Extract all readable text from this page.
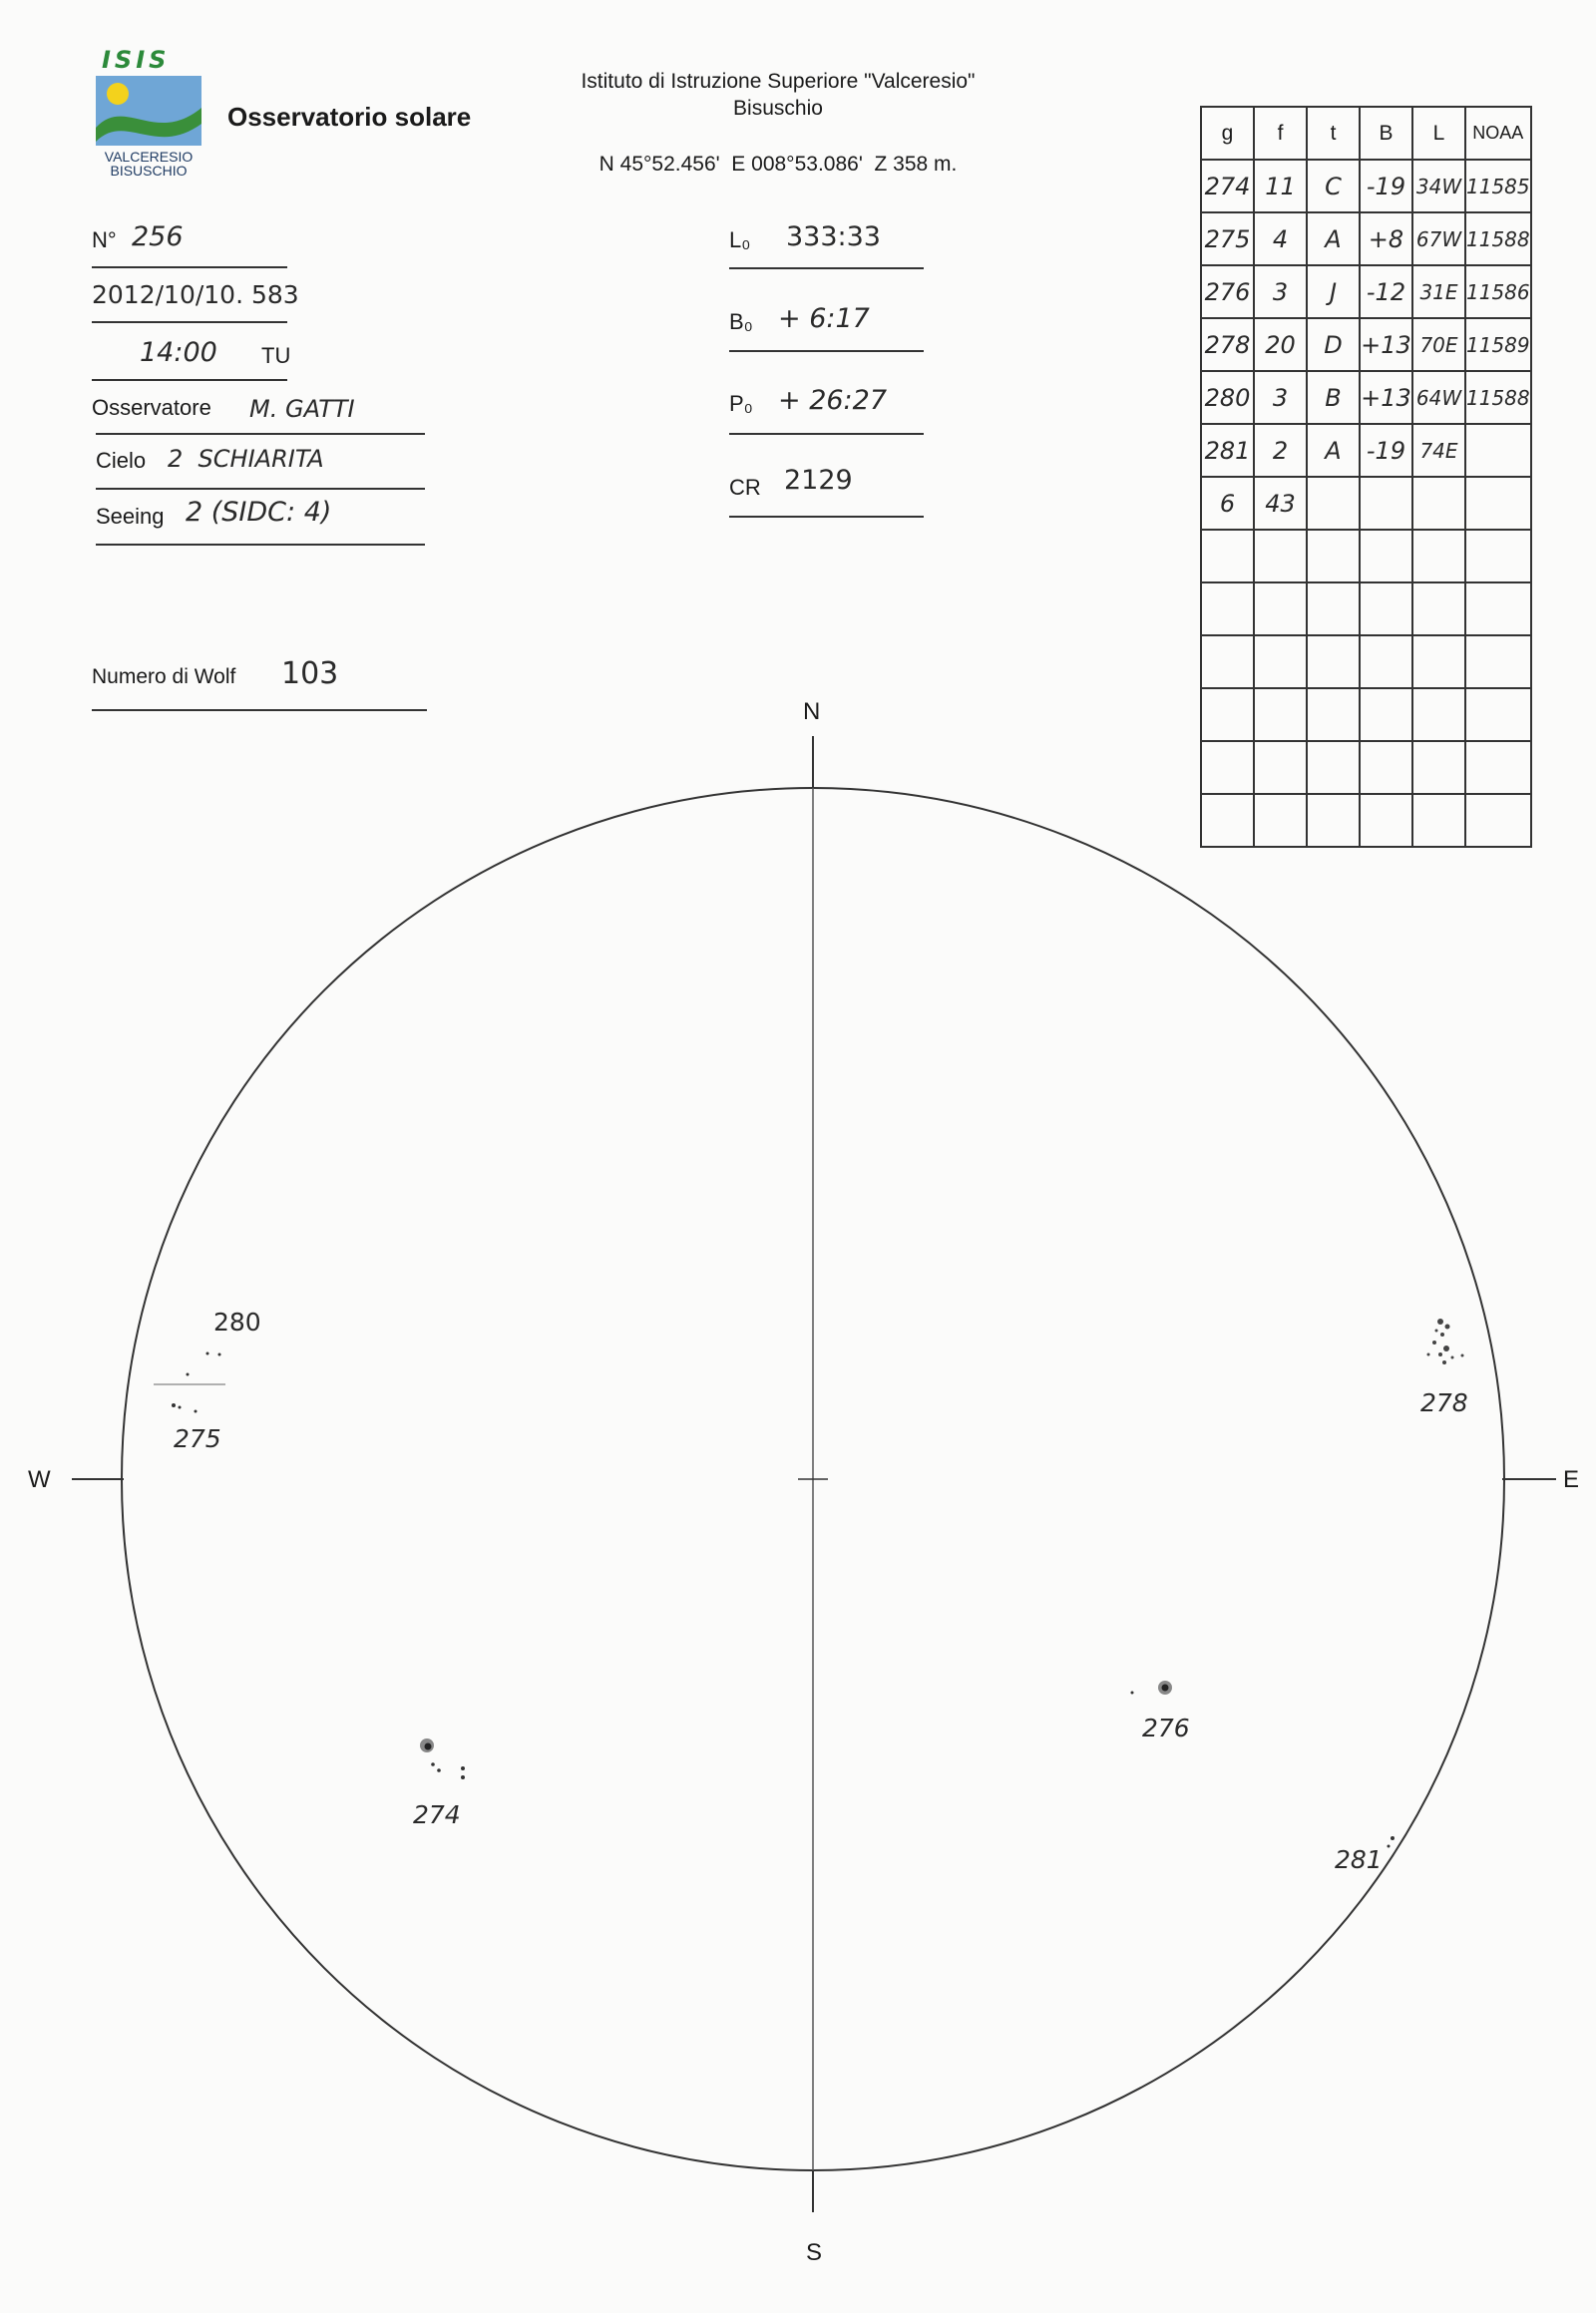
ISIS
VALCERESIO
BISUSCHIO
Osservatorio solare
Istituto di Istruzione Superiore "Valceresio"
Bisuschio
N 45°52.456'  E 008°53.086'  Z 358 m.
N° 256
2012/10/10. 583
14:00 TU
Osservatore M. GATTI
Cielo 2  SCHIARITA
Seeing 2 (SIDC: 4)
Numero di Wolf 103
L₀ 333:33
B₀ + 6:17
P₀ + 26:27
CR 2129
g	f	t	B	L	NOAA
274	11	C	-19	34W	11585
275	4	A	+8	67W	11588
276	3	J	-12	31E	11586
278	20	D	+13	70E	11589
280	3	B	+13	64W	11588
281	2	A	-19	74E	
6	43				

N
S
W	E
280
275
278
276
274
281
